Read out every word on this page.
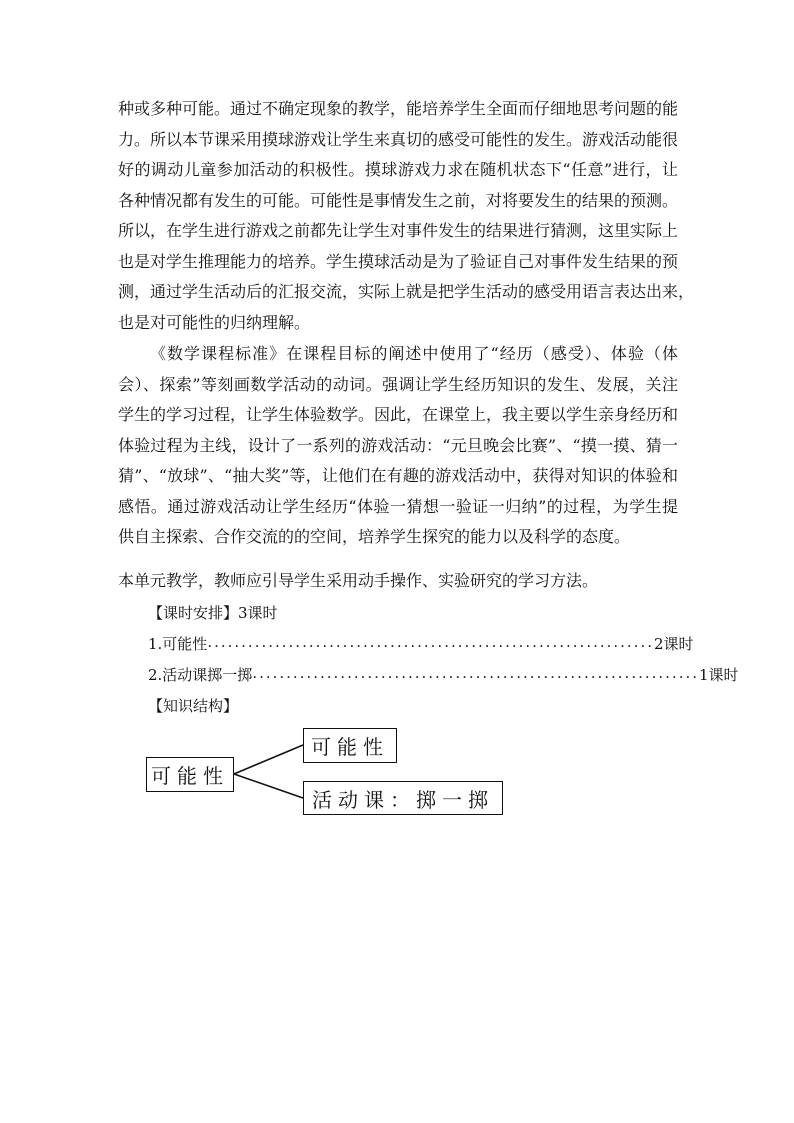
种或多种可能。通过不确定现象的教学，能培养学生全面而仔细地思考问题的能
力。所以本节课采用摸球游戏让学生来真切的感受可能性的发生。游戏活动能很
好的调动儿童参加活动的积极性。摸球游戏力求在随机状态下“任意”进行，让
各种情况都有发生的可能。可能性是事情发生之前，对将要发生的结果的预测。
所以，在学生进行游戏之前都先让学生对事件发生的结果进行猜测，这里实际上
也是对学生推理能力的培养。学生摸球活动是为了验证自己对事件发生结果的预
测，通过学生活动后的汇报交流，实际上就是把学生活动的感受用语言表达出来，
也是对可能性的归纳理解。
《数学课程标准》在课程目标的阐述中使用了“经历（感受）、体验（体
会）、探索”等刻画数学活动的动词。强调让学生经历知识的发生、发展，关注
学生的学习过程，让学生体验数学。因此，在课堂上，我主要以学生亲身经历和
体验过程为主线，设计了一系列的游戏活动：“元旦晚会比赛”、“摸一摸、猜一
猜”、“放球”、“抽大奖”等，让他们在有趣的游戏活动中，获得对知识的体验和
感悟。通过游戏活动让学生经历“体验一猜想一验证一归纳”的过程，为学生提
供自主探索、合作交流的的空间，培养学生探究的能力以及科学的态度。
本单元教学，教师应引导学生采用动手操作、实验研究的学习方法。
【课时安排】3课时
1.可能性 .................................................................. 2课时
2.活动课掷一掷 .................................................................. 1课时
【知识结构】
可能性
可能性
活动课：掷一掷
